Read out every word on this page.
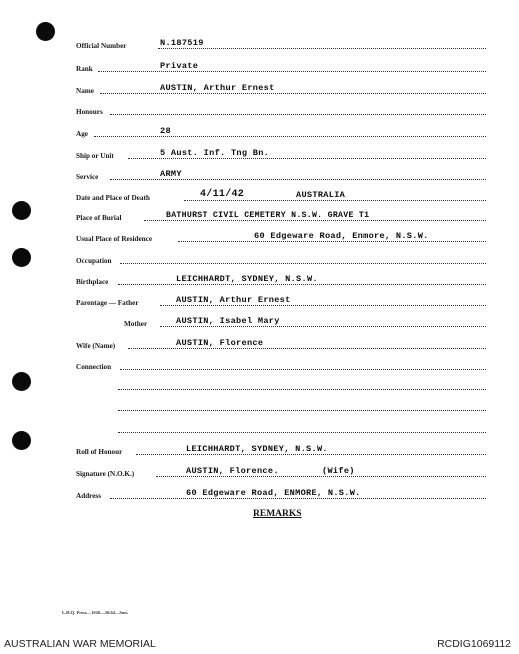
Official Number	N.187519
Rank	Private
Name	AUSTIN, Arthur Ernest
Honours
Age	28
Ship or Unit	5 Aust. Inf. Tng Bn.
Service	ARMY
Date and Place of Death	4/11/42	AUSTRALIA
Place of Burial	BATHURST CIVIL CEMETERY N.S.W. GRAVE T1
Usual Place of Residence	60 Edgeware Road, Enmore, N.S.W.
Occupation
Birthplace	LEICHHARDT, SYDNEY, N.S.W.
Parentage — Father	AUSTIN, Arthur Ernest
Mother	AUSTIN, Isabel Mary
Wife (Name)	AUSTIN, Florence
Connection
Roll of Honour	LEICHHARDT, SYDNEY, N.S.W.
Signature (N.O.K.)	AUSTIN, Florence.	(Wife)
Address	60 Edgeware Road, ENMORE, N.S.W.
REMARKS
L.H.Q. Press—1026—26/44—Sun.
AUSTRALIAN WAR MEMORIAL	RCDIG1069112
